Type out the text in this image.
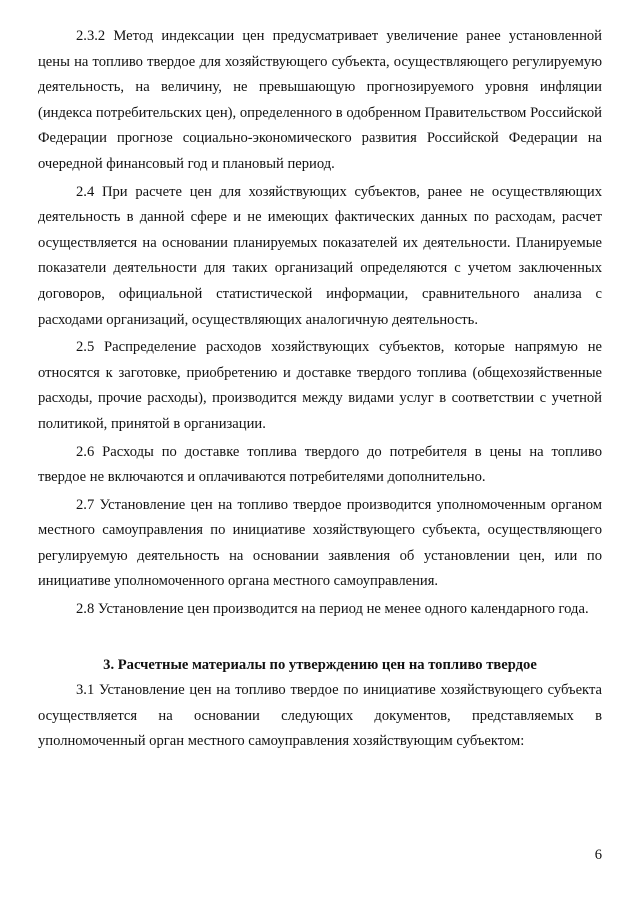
2.3.2 Метод индексации цен предусматривает увеличение ранее установленной цены на топливо твердое для хозяйствующего субъекта, осуществляющего регулируемую деятельность, на величину, не превышающую прогнозируемого уровня инфляции (индекса потребительских цен), определенного в одобренном Правительством Российской Федерации прогнозе социально-экономического развития Российской Федерации на очередной финансовый год и плановый период.

2.4 При расчете цен для хозяйствующих субъектов, ранее не осуществляющих деятельность в данной сфере и не имеющих фактических данных по расходам, расчет осуществляется на основании планируемых показателей их деятельности. Планируемые показатели деятельности для таких организаций определяются с учетом заключенных договоров, официальной статистической информации, сравнительного анализа с расходами организаций, осуществляющих аналогичную деятельность.

2.5 Распределение расходов хозяйствующих субъектов, которые напрямую не относятся к заготовке, приобретению и доставке твердого топлива (общехозяйственные расходы, прочие расходы), производится между видами услуг в соответствии с учетной политикой, принятой в организации.

2.6 Расходы по доставке топлива твердого до потребителя в цены на топливо твердое не включаются и оплачиваются потребителями дополнительно.

2.7 Установление цен на топливо твердое производится уполномоченным органом местного самоуправления по инициативе хозяйствующего субъекта, осуществляющего регулируемую деятельность на основании заявления об установлении цен, или по инициативе уполномоченного органа местного самоуправления.

2.8 Установление цен производится на период не менее одного календарного года.

3. Расчетные материалы по утверждению цен на топливо твердое

3.1 Установление цен на топливо твердое по инициативе хозяйствующего субъекта осуществляется на основании следующих документов, представляемых в уполномоченный орган местного самоуправления хозяйствующим субъектом:

6
